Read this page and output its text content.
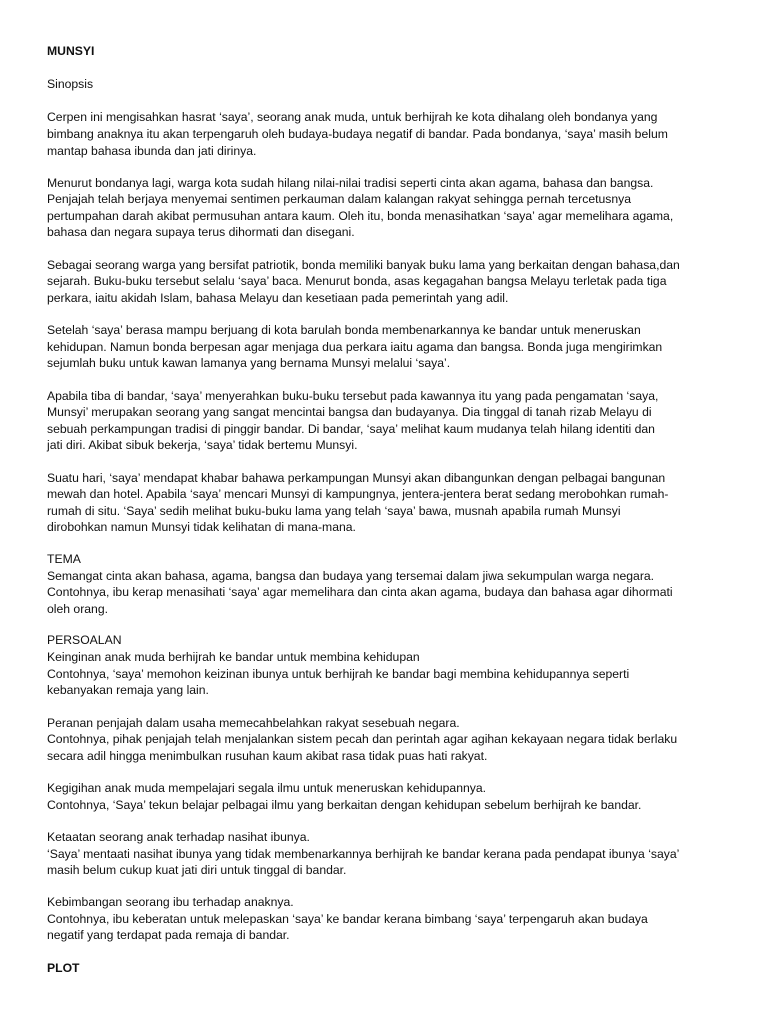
MUNSYI
Sinopsis
Cerpen ini mengisahkan hasrat ‘saya’, seorang anak muda, untuk berhijrah ke kota dihalang oleh bondanya yang
bimbang anaknya itu akan terpengaruh oleh budaya-budaya negatif di bandar. Pada bondanya, ‘saya’ masih belum
mantap bahasa ibunda dan jati dirinya.
Menurut bondanya lagi, warga kota sudah hilang nilai-nilai tradisi seperti cinta akan agama, bahasa dan bangsa.
Penjajah telah berjaya menyemai sentimen perkauman dalam kalangan rakyat sehingga pernah tercetusnya
pertumpahan darah akibat permusuhan antara kaum. Oleh itu, bonda menasihatkan ‘saya’ agar memelihara agama,
bahasa dan negara supaya terus dihormati dan disegani.
Sebagai seorang warga yang bersifat patriotik, bonda memiliki banyak buku lama yang berkaitan dengan bahasa,dan
sejarah. Buku-buku tersebut selalu ‘saya’ baca. Menurut bonda, asas kegagahan bangsa Melayu terletak pada tiga
perkara, iaitu akidah Islam, bahasa Melayu dan kesetiaan pada pemerintah yang adil.
Setelah ‘saya’ berasa mampu berjuang di kota barulah bonda membenarkannya ke bandar untuk meneruskan
kehidupan. Namun bonda berpesan agar menjaga dua perkara iaitu agama dan bangsa. Bonda juga mengirimkan
sejumlah buku untuk kawan lamanya yang bernama Munsyi melalui ‘saya’.
Apabila tiba di bandar, ‘saya’ menyerahkan buku-buku tersebut pada kawannya itu yang pada pengamatan ‘saya,
Munsyi’ merupakan seorang yang sangat mencintai bangsa dan budayanya. Dia tinggal di tanah rizab Melayu di
sebuah perkampungan tradisi di pinggir bandar. Di bandar, ‘saya’ melihat kaum mudanya telah hilang identiti dan
jati diri. Akibat sibuk bekerja, ‘saya’ tidak bertemu Munsyi.
Suatu hari, ‘saya’ mendapat khabar bahawa perkampungan Munsyi akan dibangunkan dengan pelbagai bangunan
mewah dan hotel. Apabila ‘saya’ mencari Munsyi di kampungnya, jentera-jentera berat sedang merobohkan rumah-
rumah di situ. ‘Saya’ sedih melihat buku-buku lama yang telah ‘saya’ bawa, musnah apabila rumah Munsyi
dirobohkan namun Munsyi tidak kelihatan di mana-mana.
TEMA
Semangat cinta akan bahasa, agama, bangsa dan budaya yang tersemai dalam jiwa sekumpulan warga negara.
Contohnya, ibu kerap menasihati ‘saya’ agar memelihara dan cinta akan agama, budaya dan bahasa agar dihormati
oleh orang.
PERSOALAN
Keinginan anak muda berhijrah ke bandar untuk membina kehidupan
Contohnya, ‘saya’ memohon keizinan ibunya untuk berhijrah ke bandar bagi membina kehidupannya seperti
kebanyakan remaja yang lain.
Peranan penjajah dalam usaha memecahbelahkan rakyat sesebuah negara.
Contohnya, pihak penjajah telah menjalankan sistem pecah dan perintah agar agihan kekayaan negara tidak berlaku
secara adil hingga menimbulkan rusuhan kaum akibat rasa tidak puas hati rakyat.
Kegigihan anak muda mempelajari segala ilmu untuk meneruskan kehidupannya.
Contohnya, ‘Saya’ tekun belajar pelbagai ilmu yang berkaitan dengan kehidupan sebelum berhijrah ke bandar.
Ketaatan seorang anak terhadap nasihat ibunya.
‘Saya’ mentaati nasihat ibunya yang tidak membenarkannya berhijrah ke bandar kerana pada pendapat ibunya ‘saya’
masih belum cukup kuat jati diri untuk tinggal di bandar.
Kebimbangan seorang ibu terhadap anaknya.
Contohnya, ibu keberatan untuk melepaskan ‘saya’ ke bandar kerana bimbang ‘saya’ terpengaruh akan budaya
negatif yang terdapat pada remaja di bandar.
PLOT
